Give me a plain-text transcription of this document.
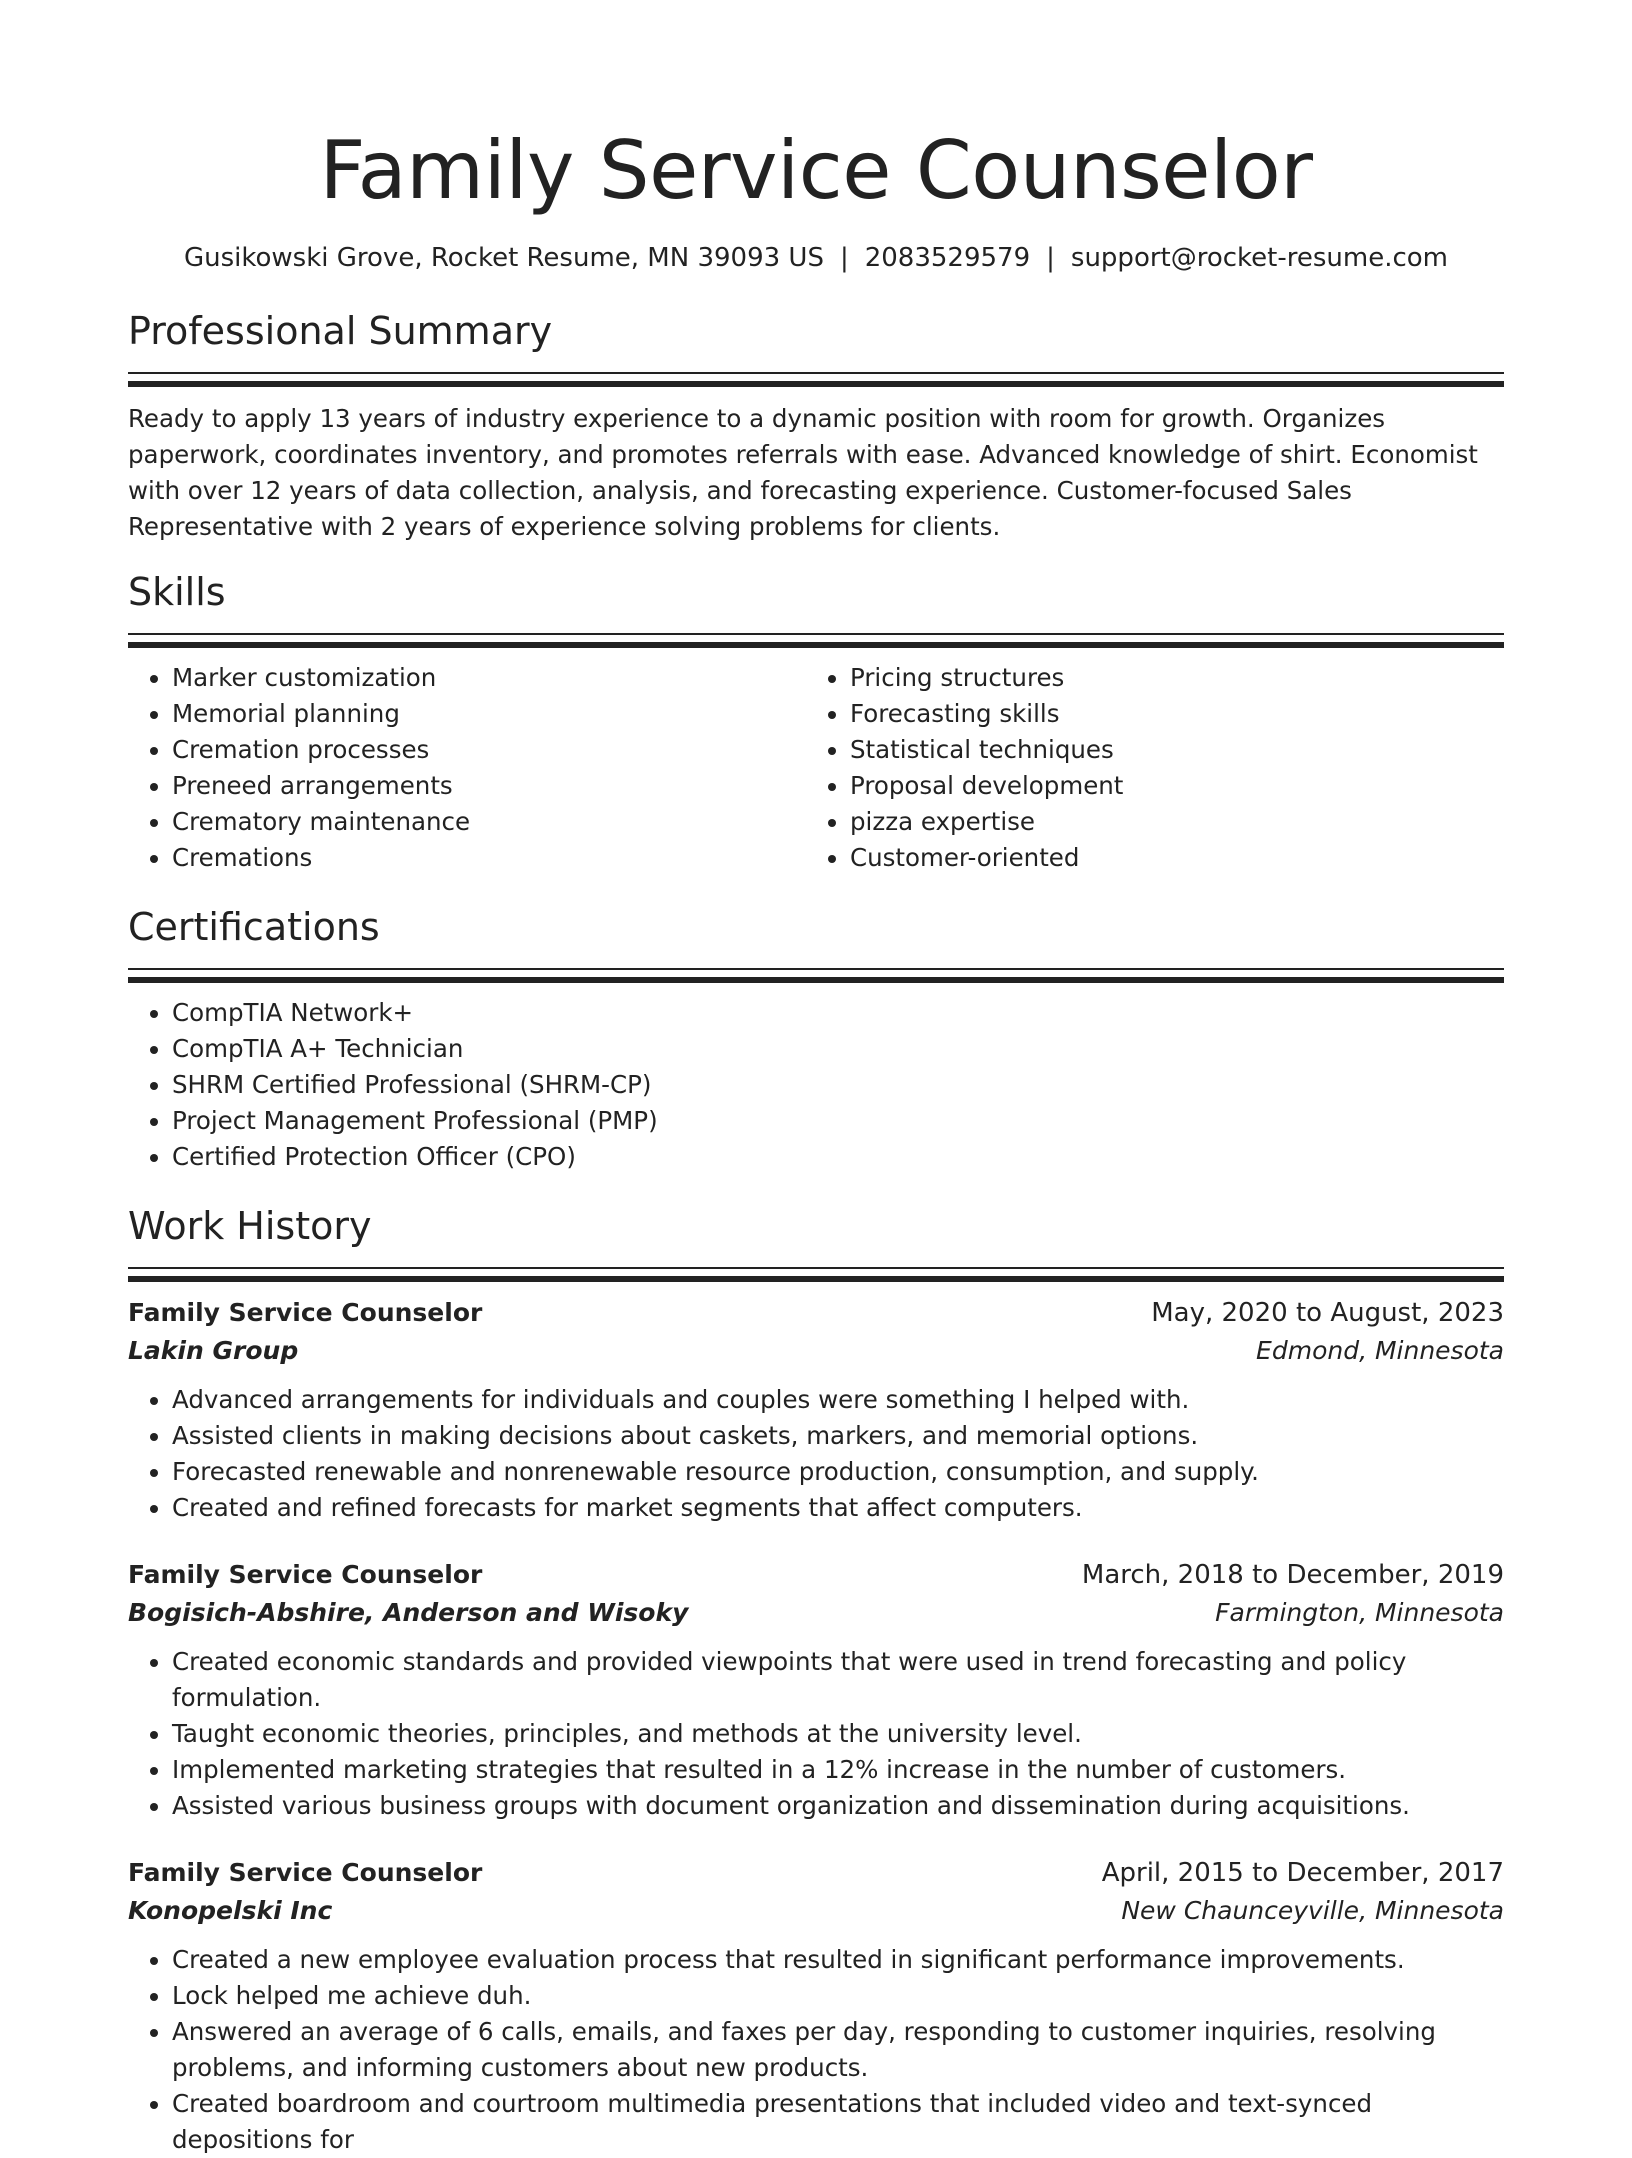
Family Service Counselor
Gusikowski Grove, Rocket Resume, MN 39093 US | 2083529579 | support@rocket-resume.com
Professional Summary

Ready to apply 13 years of industry experience to a dynamic position with room for growth. Organizes paperwork, coordinates inventory, and promotes referrals with ease. Advanced knowledge of shirt. Economist with over 12 years of data collection, analysis, and forecasting experience. Customer-focused Sales Representative with 2 years of experience solving problems for clients.

Skills
• Marker customization
• Memorial planning
• Cremation processes
• Preneed arrangements
• Crematory maintenance
• Cremations
• Pricing structures
• Forecasting skills
• Statistical techniques
• Proposal development
• pizza expertise
• Customer-oriented
Certifications
• CompTIA Network+
• CompTIA A+ Technician
• SHRM Certified Professional (SHRM-CP)
• Project Management Professional (PMP)
• Certified Protection Officer (CPO)
Work History
Family Service Counselor	May, 2020 to August, 2023
Lakin Group	Edmond, Minnesota
• Advanced arrangements for individuals and couples were something I helped with.
• Assisted clients in making decisions about caskets, markers, and memorial options.
• Forecasted renewable and nonrenewable resource production, consumption, and supply.
• Created and refined forecasts for market segments that affect computers.
Family Service Counselor	March, 2018 to December, 2019
Bogisich-Abshire, Anderson and Wisoky	Farmington, Minnesota
• Created economic standards and provided viewpoints that were used in trend forecasting and policy formulation.
• Taught economic theories, principles, and methods at the university level.
• Implemented marketing strategies that resulted in a 12% increase in the number of customers.
• Assisted various business groups with document organization and dissemination during acquisitions.
Family Service Counselor	April, 2015 to December, 2017
Konopelski Inc	New Chaunceyville, Minnesota
• Created a new employee evaluation process that resulted in significant performance improvements.
• Lock helped me achieve duh.
• Answered an average of 6 calls, emails, and faxes per day, responding to customer inquiries, resolving problems, and informing customers about new products.
• Created boardroom and courtroom multimedia presentations that included video and text-synced depositions for
